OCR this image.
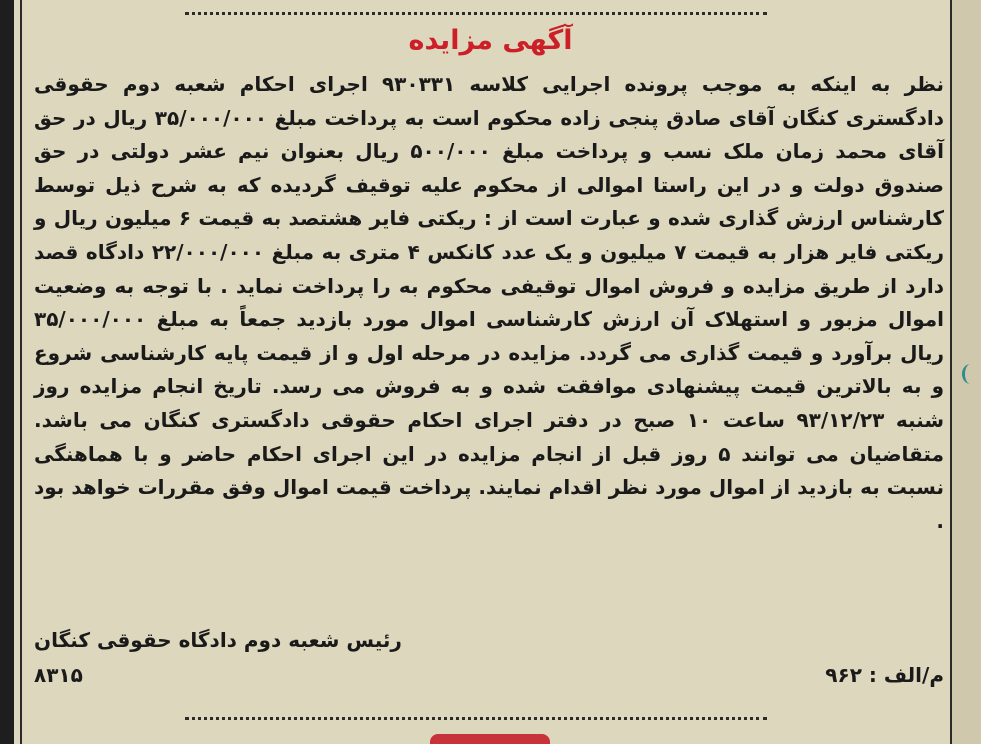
آگهی مزایده

نظر به اینکه به موجب پرونده اجرایی کلاسه ۹۳۰۳۳۱ اجرای احکام شعبه دوم حقوقی دادگستری کنگان آقای صادق پنجی زاده محکوم است به پرداخت مبلغ ۳۵/۰۰۰/۰۰۰ ریال در حق آقای محمد زمان ملک نسب و پرداخت مبلغ ۵۰۰/۰۰۰ ریال بعنوان نیم عشر دولتی در حق صندوق دولت و در این راستا اموالی از محکوم علیه توقیف گردیده که به شرح ذیل توسط کارشناس ارزش گذاری شده و عبارت است از : ریکتی فایر هشتصد به قیمت ۶ میلیون ریال و ریکتی فایر هزار به قیمت ۷ میلیون و یک عدد کانکس ۴ متری به مبلغ ۲۲/۰۰۰/۰۰۰ دادگاه قصد دارد از طریق مزایده و فروش اموال توقیفی محکوم به را پرداخت نماید . با توجه به وضعیت اموال مزبور و استهلاک آن ارزش کارشناسی اموال مورد بازدید جمعاً به مبلغ ۳۵/۰۰۰/۰۰۰ ریال برآورد و قیمت گذاری می گردد. مزایده در مرحله اول و از قیمت پایه کارشناسی شروع و به بالاترین قیمت پیشنهادی موافقت شده و به فروش می رسد. تاریخ انجام مزایده روز شنبه ۹۳/۱۲/۲۳ ساعت ۱۰ صبح در دفتر اجرای احکام حقوقی دادگستری کنگان می باشد. متقاضیان می توانند ۵ روز قبل از انجام مزایده در این اجرای احکام حاضر و با هماهنگی نسبت به بازدید از اموال مورد نظر اقدام نمایند. پرداخت قیمت اموال وفق مقررات خواهد بود .

رئیس شعبه دوم دادگاه حقوقی کنگان
م/الف : ۹۶۲
۸۳۱۵
